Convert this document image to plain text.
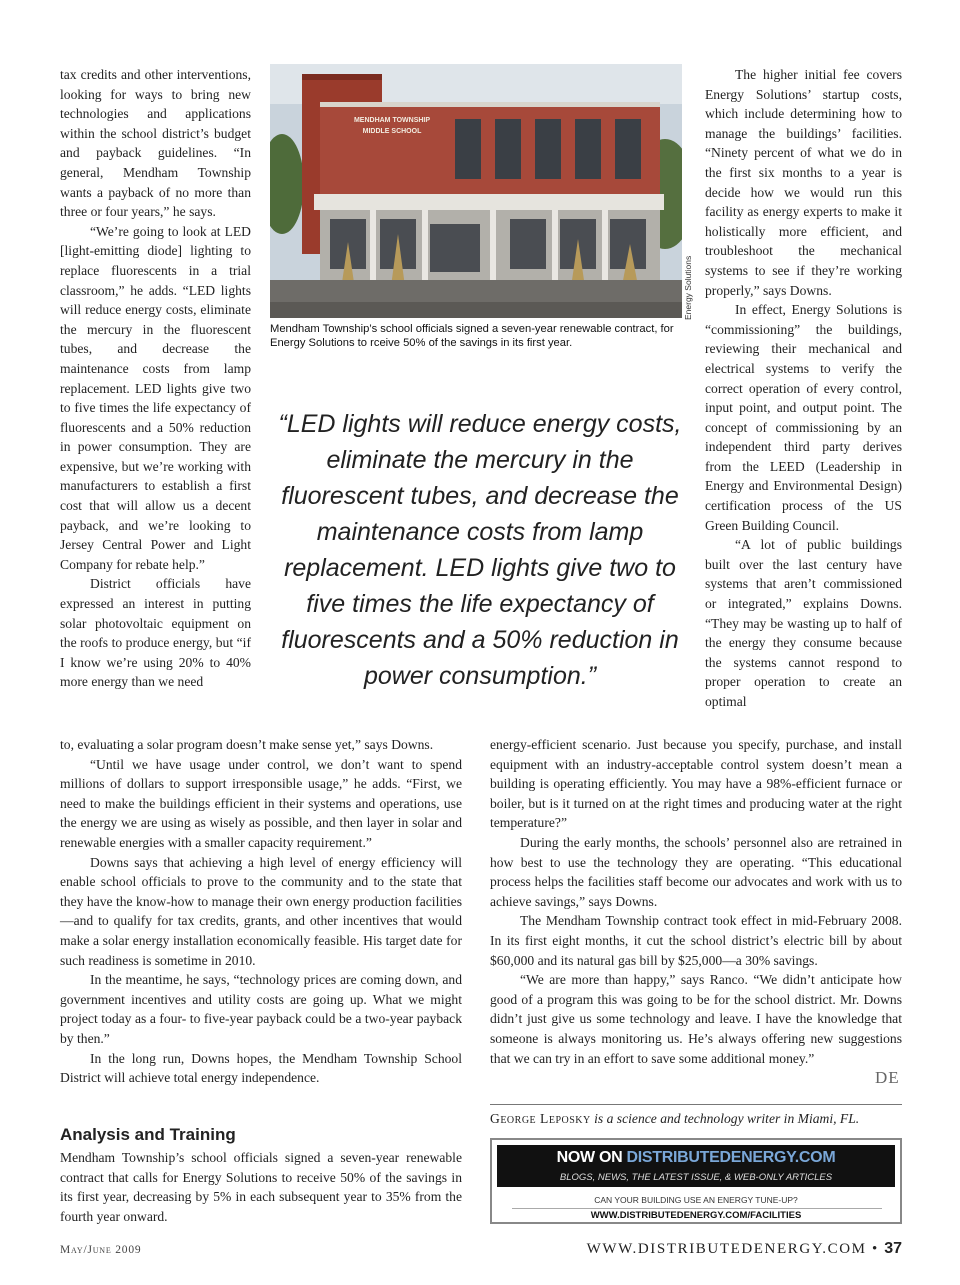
tax credits and other interventions, looking for ways to bring new technologies and applications within the school district’s budget and payback guidelines. “In general, Mendham Township wants a payback of no more than three or four years,” he says.

“We’re going to look at LED [light-emitting diode] lighting to replace fluorescents in a trial classroom,” he adds. “LED lights will reduce energy costs, eliminate the mercury in the fluorescent tubes, and decrease the maintenance costs from lamp replacement. LED lights give two to five times the life expectancy of fluorescents and a 50% reduction in power consumption. They are expensive, but we’re working with manufacturers to establish a first cost that will allow us a decent payback, and we’re looking to Jersey Central Power and Light Company for rebate help.”

District officials have expressed an interest in putting solar photovoltaic equipment on the roofs to produce energy, but “if I know we’re using 20% to 40% more energy than we need

MENDHAM TOWNSHIP
MIDDLE SCHOOL
Energy Solutions
Mendham Township’s school officials signed a seven-year renewable contract, for Energy Solutions to rceive 50% of the savings in its first year.
“LED lights will reduce energy costs, eliminate the mercury in the fluorescent tubes, and decrease the maintenance costs from lamp replacement. LED lights give two to five times the life expectancy of fluorescents and a 50% reduction in power consumption.”

The higher initial fee covers Energy Solutions’ startup costs, which include determining how to manage the buildings’ facilities. “Ninety percent of what we do in the first six months to a year is decide how we would run this facility as energy experts to make it holistically more efficient, and troubleshoot the mechanical systems to see if they’re working properly,” says Downs.

In effect, Energy Solutions is “commissioning” the buildings, reviewing their mechanical and electrical systems to verify the correct operation of every control, input point, and output point. The concept of commissioning by an independent third party derives from the LEED (Leadership in Energy and Environmental Design) certification process of the US Green Building Council.

“A lot of public buildings built over the last century have systems that aren’t commissioned or integrated,” explains Downs. “They may be wasting up to half of the energy they consume because the systems cannot respond to proper operation to create an optimal

to, evaluating a solar program doesn’t make sense yet,” says Downs.

“Until we have usage under control, we don’t want to spend millions of dollars to support irresponsible usage,” he adds. “First, we need to make the buildings efficient in their systems and operations, use the energy we are using as wisely as possible, and then layer in solar and renewable energies with a smaller capacity requirement.”

Downs says that achieving a high level of energy efficiency will enable school officials to prove to the community and to the state that they have the know-how to manage their own energy production facilities—and to qualify for tax credits, grants, and other incentives that would make a solar energy installation economically feasible. His target date for such readiness is sometime in 2010.

In the meantime, he says, “technology prices are coming down, and government incentives and utility costs are going up. What we might project today as a four- to five-year payback could be a two-year payback by then.”

In the long run, Downs hopes, the Mendham Township School District will achieve total energy independence.

Analysis and Training

Mendham Township’s school officials signed a seven-year renewable contract that calls for Energy Solutions to receive 50% of the savings in its first year, decreasing by 5% in each subsequent year to 35% from the fourth year onward.

energy-efficient scenario. Just because you specify, purchase, and install equipment with an industry-acceptable control system doesn’t mean a building is operating efficiently. You may have a 98%-efficient furnace or boiler, but is it turned on at the right times and producing water at the right temperature?”

During the early months, the schools’ personnel also are retrained in how best to use the technology they are operating. “This educational process helps the facilities staff become our advocates and work with us to achieve savings,” says Downs.

The Mendham Township contract took effect in mid-February 2008. In its first eight months, it cut the school district’s electric bill by about $60,000 and its natural gas bill by $25,000—a 30% savings.

“We are more than happy,” says Ranco. “We didn’t anticipate how good of a program this was going to be for the school district. Mr. Downs didn’t just give us some technology and leave. I have the knowledge that someone is always monitoring us. He’s always offering new suggestions that we can try in an effort to save some additional money.”

DE
George Leposky is a science and technology writer in Miami, FL.
NOW ON DISTRIBUTEDENERGY.COM
BLOGS, NEWS, THE LATEST ISSUE, & WEB-ONLY ARTICLES
CAN YOUR BUILDING USE AN ENERGY TUNE-UP?
WWW.DISTRIBUTEDENERGY.COM/FACILITIES
May/June 2009	WWW.DISTRIBUTEDENERGY.COM • 37
